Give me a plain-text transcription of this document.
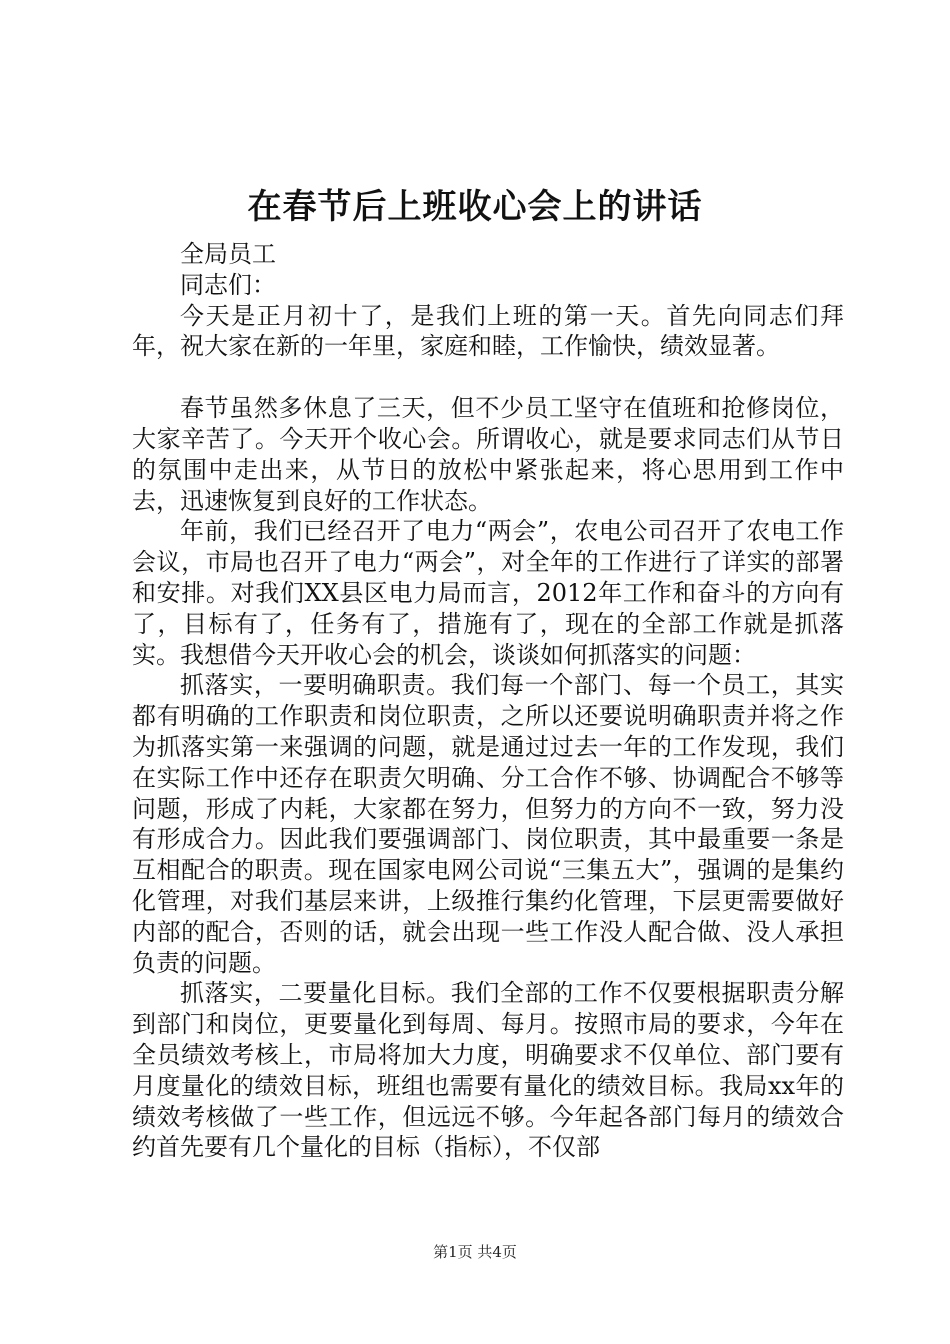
在春节后上班收心会上的讲话

全局员工

同志们：

今天是正月初十了，是我们上班的第一天。首先向同志们拜年，祝大家在新的一年里，家庭和睦，工作愉快，绩效显著。

春节虽然多休息了三天，但不少员工坚守在值班和抢修岗位，大家辛苦了。今天开个收心会。所谓收心，就是要求同志们从节日的氛围中走出来，从节日的放松中紧张起来，将心思用到工作中去，迅速恢复到良好的工作状态。

年前，我们已经召开了电力“两会”，农电公司召开了农电工作会议，市局也召开了电力“两会”，对全年的工作进行了详实的部署和安排。对我们XX县区电力局而言，2012年工作和奋斗的方向有了，目标有了，任务有了，措施有了，现在的全部工作就是抓落实。我想借今天开收心会的机会，谈谈如何抓落实的问题：

抓落实，一要明确职责。我们每一个部门、每一个员工，其实都有明确的工作职责和岗位职责，之所以还要说明确职责并将之作为抓落实第一来强调的问题，就是通过过去一年的工作发现，我们在实际工作中还存在职责欠明确、分工合作不够、协调配合不够等问题，形成了内耗，大家都在努力，但努力的方向不一致，努力没有形成合力。因此我们要强调部门、岗位职责，其中最重要一条是互相配合的职责。现在国家电网公司说“三集五大”，强调的是集约化管理，对我们基层来讲，上级推行集约化管理，下层更需要做好内部的配合，否则的话，就会出现一些工作没人配合做、没人承担负责的问题。

抓落实，二要量化目标。我们全部的工作不仅要根据职责分解到部门和岗位，更要量化到每周、每月。按照市局的要求，今年在全员绩效考核上，市局将加大力度，明确要求不仅单位、部门要有月度量化的绩效目标，班组也需要有量化的绩效目标。我局xx年的绩效考核做了一些工作，但远远不够。今年起各部门每月的绩效合约首先要有几个量化的目标（指标），不仅部

第1页 共4页
